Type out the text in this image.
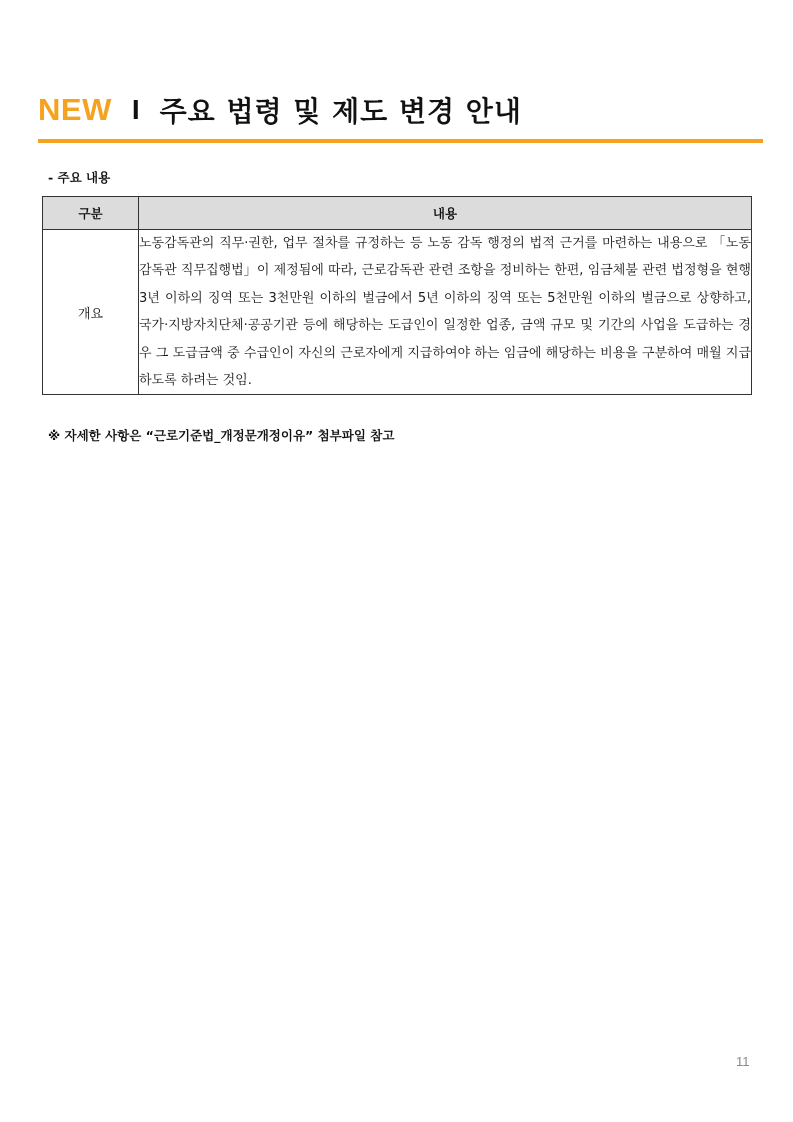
NEW I 주요 법령 및 제도 변경 안내
- 주요 내용
구분	내용
개요	노동감독관의 직무‧권한, 업무 절차를 규정하는 등 노동 감독 행정의 법적 근거를 마련하는 내용으로 「노동감독관 직무집행법」이 제정됨에 따라, 근로감독관 관련 조항을 정비하는 한편, 임금체불 관련 법정형을 현행 3년 이하의 징역 또는 3천만원 이하의 벌금에서 5년 이하의 징역 또는 5천만원 이하의 벌금으로 상향하고, 국가‧지방자치단체‧공공기관 등에 해당하는 도급인이 일정한 업종, 금액 규모 및 기간의 사업을 도급하는 경우 그 도급금액 중 수급인이 자신의 근로자에게 지급하여야 하는 임금에 해당하는 비용을 구분하여 매월 지급하도록 하려는 것임.
※ 자세한 사항은 “근로기준법_개정문개정이유” 첨부파일 참고
11
